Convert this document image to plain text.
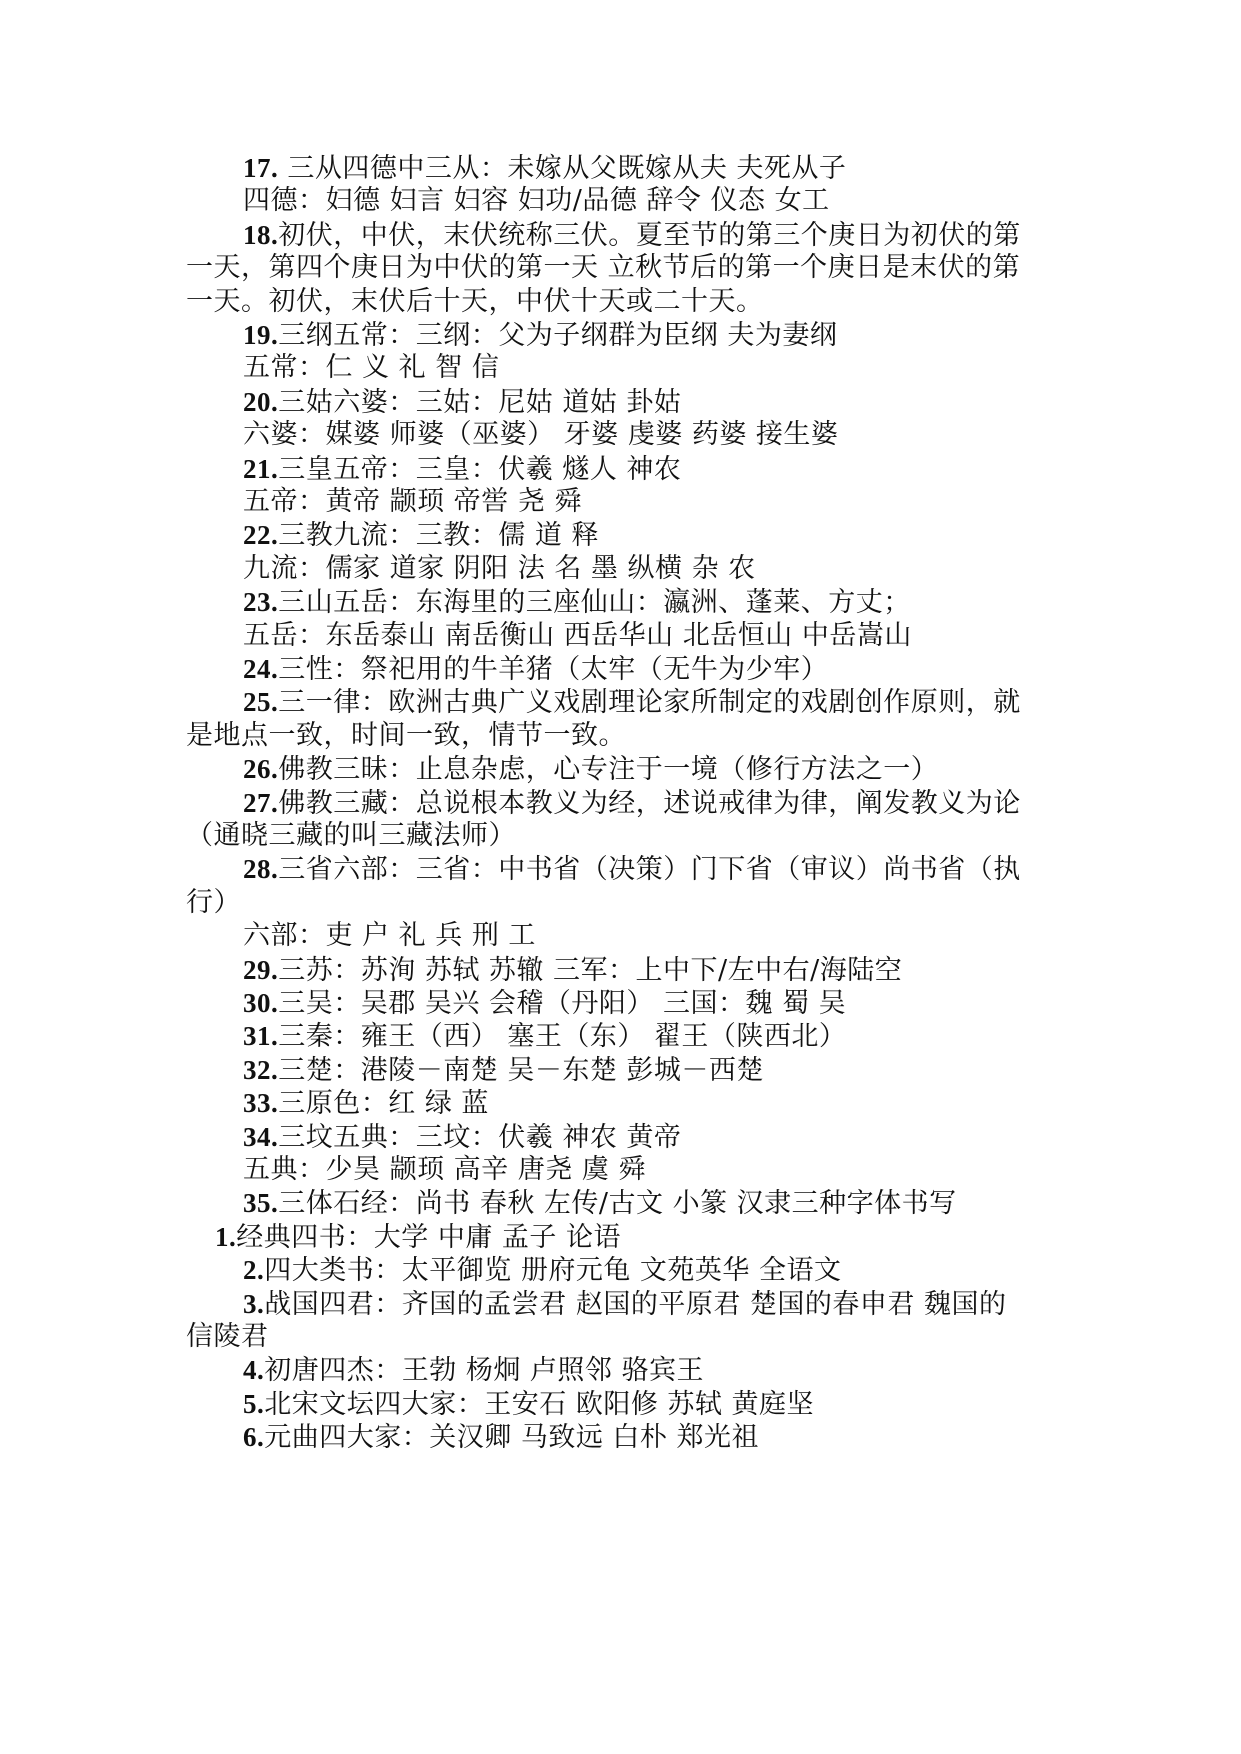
17. 三从四德中三从：未嫁从父既嫁从夫 夫死从子
四德：妇德 妇言 妇容 妇功/品德 辞令 仪态 女工
18.初伏，中伏，末伏统称三伏。夏至节的第三个庚日为初伏的第
一天，第四个庚日为中伏的第一天 立秋节后的第一个庚日是末伏的第
一天。初伏，末伏后十天，中伏十天或二十天。
19.三纲五常：三纲：父为子纲群为臣纲 夫为妻纲
五常：仁 义 礼 智 信
20.三姑六婆：三姑：尼姑 道姑 卦姑
六婆：媒婆 师婆（巫婆） 牙婆 虔婆 药婆 接生婆
21.三皇五帝：三皇：伏羲 燧人 神农
五帝：黄帝 颛顼 帝喾 尧 舜
22.三教九流：三教：儒 道 释
九流：儒家 道家 阴阳 法 名 墨 纵横 杂 农
23.三山五岳：东海里的三座仙山：瀛洲、蓬莱、方丈；
五岳：东岳泰山 南岳衡山 西岳华山 北岳恒山 中岳嵩山
24.三性：祭祀用的牛羊猪（太牢（无牛为少牢）
25.三一律：欧洲古典广义戏剧理论家所制定的戏剧创作原则，就
是地点一致，时间一致，情节一致。
26.佛教三昧：止息杂虑，心专注于一境（修行方法之一）
27.佛教三藏：总说根本教义为经，述说戒律为律，阐发教义为论
（通晓三藏的叫三藏法师）
28.三省六部：三省：中书省（决策）门下省（审议）尚书省（执
行）
六部：吏 户 礼 兵 刑 工
29.三苏：苏洵 苏轼 苏辙 三军：上中下/左中右/海陆空
30.三吴：吴郡 吴兴 会稽（丹阳） 三国：魏 蜀 吴
31.三秦：雍王（西） 塞王（东） 翟王（陕西北）
32.三楚：港陵－南楚 吴－东楚 彭城－西楚
33.三原色：红 绿 蓝
34.三坟五典：三坟：伏羲 神农 黄帝
五典：少昊 颛顼 高辛 唐尧 虞 舜
35.三体石经：尚书 春秋 左传/古文 小篆 汉隶三种字体书写
1.经典四书：大学 中庸 孟子 论语
2.四大类书：太平御览 册府元龟 文苑英华 全语文
3.战国四君：齐国的孟尝君 赵国的平原君 楚国的春申君 魏国的
信陵君
4.初唐四杰：王勃 杨炯 卢照邻 骆宾王
5.北宋文坛四大家：王安石 欧阳修 苏轼 黄庭坚
6.元曲四大家：关汉卿 马致远 白朴 郑光祖
